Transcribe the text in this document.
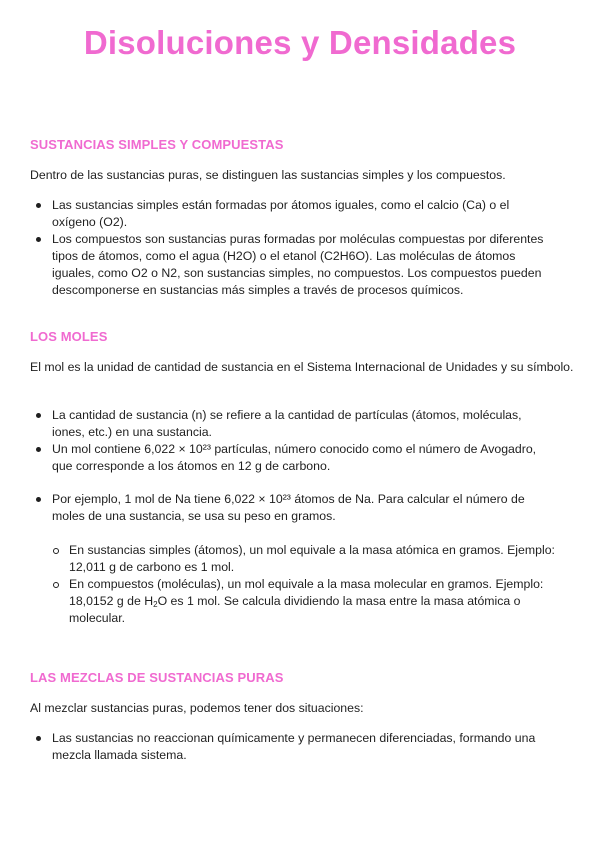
Disoluciones y Densidades
SUSTANCIAS SIMPLES Y COMPUESTAS
Dentro de las sustancias puras, se distinguen las sustancias simples y los compuestos.
Las sustancias simples están formadas por átomos iguales, como el calcio (Ca) o el oxígeno (O2).
Los compuestos son sustancias puras formadas por moléculas compuestas por diferentes tipos de átomos, como el agua (H2O) o el etanol (C2H6O). Las moléculas de átomos iguales, como O2 o N2, son sustancias simples, no compuestos. Los compuestos pueden descomponerse en sustancias más simples a través de procesos químicos.
LOS MOLES
El mol es la unidad de cantidad de sustancia en el Sistema Internacional de Unidades y su símbolo.
La cantidad de sustancia (n) se refiere a la cantidad de partículas (átomos, moléculas, iones, etc.) en una sustancia.
Un mol contiene 6,022 × 10²³ partículas, número conocido como el número de Avogadro, que corresponde a los átomos en 12 g de carbono.
Por ejemplo, 1 mol de Na tiene 6,022 × 10²³ átomos de Na. Para calcular el número de moles de una sustancia, se usa su peso en gramos.
En sustancias simples (átomos), un mol equivale a la masa atómica en gramos. Ejemplo: 12,011 g de carbono es 1 mol.
En compuestos (moléculas), un mol equivale a la masa molecular en gramos. Ejemplo: 18,0152 g de $H_2O$ es 1 mol. Se calcula dividiendo la masa entre la masa atómica o molecular.
LAS MEZCLAS DE SUSTANCIAS PURAS
Al mezclar sustancias puras, podemos tener dos situaciones:
Las sustancias no reaccionan químicamente y permanecen diferenciadas, formando una mezcla llamada sistema.
